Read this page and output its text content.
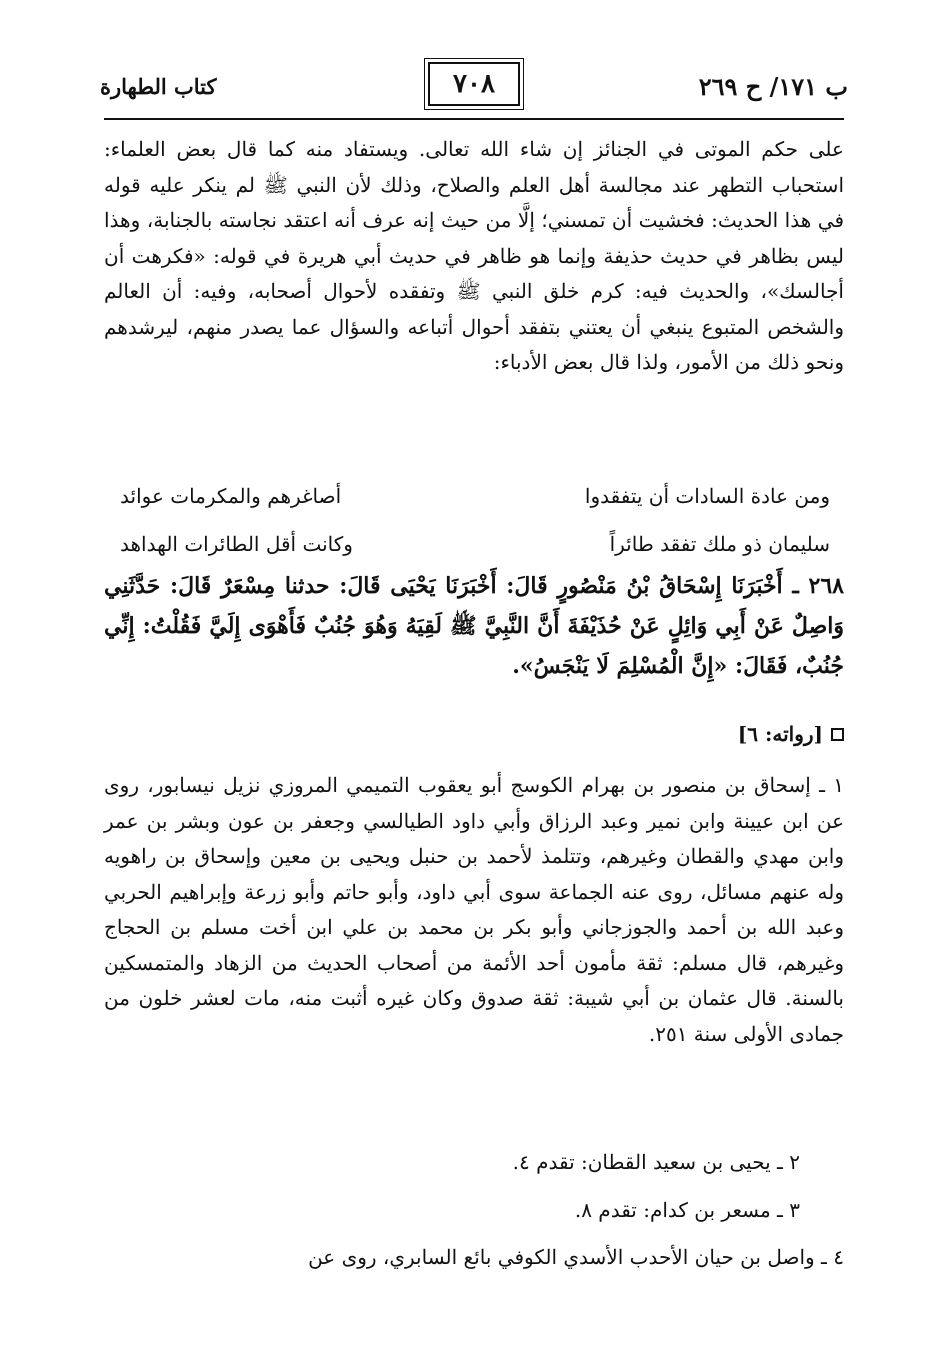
ب ١٧١/ ح ٢٦٩
٧٠٨
كتاب الطهارة
على حكم الموتى في الجنائز إن شاء الله تعالى. ويستفاد منه كما قال بعض العلماء: استحباب التطهر عند مجالسة أهل العلم والصلاح، وذلك لأن النبي ﷺ لم ينكر عليه قوله في هذا الحديث: فخشيت أن تمسني؛ إلَّا من حيث إنه عرف أنه اعتقد نجاسته بالجنابة، وهذا ليس بظاهر في حديث حذيفة وإنما هو ظاهر في حديث أبي هريرة في قوله: «فكرهت أن أجالسك»، والحديث فيه: كرم خلق النبي ﷺ وتفقده لأحوال أصحابه، وفيه: أن العالم والشخص المتبوع ينبغي أن يعتني بتفقد أحوال أتباعه والسؤال عما يصدر منهم، ليرشدهم ونحو ذلك من الأمور، ولذا قال بعض الأدباء:
ومن عادة السادات أن يتفقدوا
أصاغرهم والمكرمات عوائد
سليمان ذو ملك تفقد طائراً
وكانت أقل الطائرات الهداهد
٢٦٨ ـ أَخْبَرَنَا إِسْحَاقُ بْنُ مَنْصُورٍ قَالَ: أَخْبَرَنَا يَحْيَى قَالَ: حدثنا مِسْعَرٌ قَالَ: حَدَّثَنِي وَاصِلٌ عَنْ أَبِي وَائِلٍ عَنْ حُذَيْفَةَ أَنَّ النَّبِيَّ ﷺ لَقِيَهُ وَهُوَ جُنُبٌ فَأَهْوَى إِلَيَّ فَقُلْتُ: إِنِّي جُنُبٌ، فَقَالَ: «إِنَّ الْمُسْلِمَ لَا يَنْجَسُ».
[رواته: ٦]
١ ـ إسحاق بن منصور بن بهرام الكوسج أبو يعقوب التميمي المروزي نزيل نيسابور، روى عن ابن عيينة وابن نمير وعبد الرزاق وأبي داود الطيالسي وجعفر بن عون وبشر بن عمر وابن مهدي والقطان وغيرهم، وتتلمذ لأحمد بن حنبل ويحيى بن معين وإسحاق بن راهويه وله عنهم مسائل، روى عنه الجماعة سوى أبي داود، وأبو حاتم وأبو زرعة وإبراهيم الحربي وعبد الله بن أحمد والجوزجاني وأبو بكر بن محمد بن علي ابن أخت مسلم بن الحجاج وغيرهم، قال مسلم: ثقة مأمون أحد الأئمة من أصحاب الحديث من الزهاد والمتمسكين بالسنة. قال عثمان بن أبي شيبة: ثقة صدوق وكان غيره أثبت منه، مات لعشر خلون من جمادى الأولى سنة ٢٥١.
٢ ـ يحيى بن سعيد القطان: تقدم ٤.
٣ ـ مسعر بن كدام: تقدم ٨.
٤ ـ واصل بن حيان الأحدب الأسدي الكوفي بائع السابري، روى عن
